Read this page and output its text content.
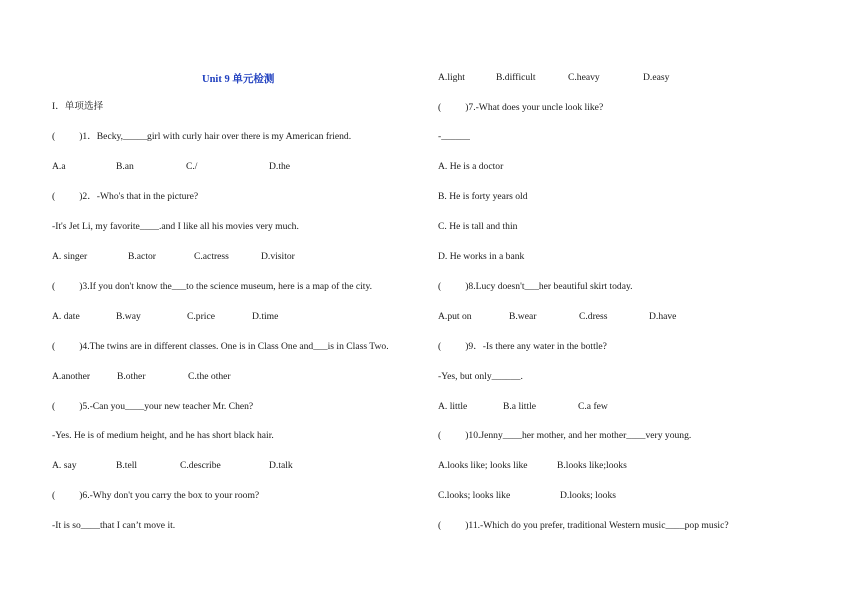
Unit 9 单元检测
I．单项选择
(	)1．Becky,_____girl with curly hair over there is my American friend.
A.a	B.an	C./	D.the
(	)2．-Who's that in the picture?
-It's Jet Li, my favorite____.and I like all his movies very much.
A. singer	B.actor	C.actress	D.visitor
(	)3.If you don't know the___to the science museum, here is a map of the city.
A. date	B.way	C.price	D.time
(	)4.The twins are in different classes. One is in Class One and___is in Class Two.
A.another	B.other	C.the other
(	)5.-Can you____your new teacher Mr. Chen?
-Yes. He is of medium height, and he has short black hair.
A. say	B.tell	C.describe	D.talk
(	)6.-Why don't you carry the box to your room?
-It is so____that I can’t move it.
A.light	B.difficult	C.heavy	D.easy
(	)7.-What does your uncle look like?
-______
A. He is a doctor
B. He is forty years old
C. He is tall and thin
D. He works in a bank
(	)8.Lucy doesn't___her beautiful skirt today.
A.put on	B.wear	C.dress	D.have
(	)9．-Is there any water in the bottle?
-Yes, but only______.
A. little	B.a little	C.a few
(	)10.Jenny____her mother, and her mother____very young.
A.looks like; looks like	B.looks like;looks
C.looks; looks like	D.looks; looks
(	)11.-Which do you prefer, traditional Western music____pop music?
